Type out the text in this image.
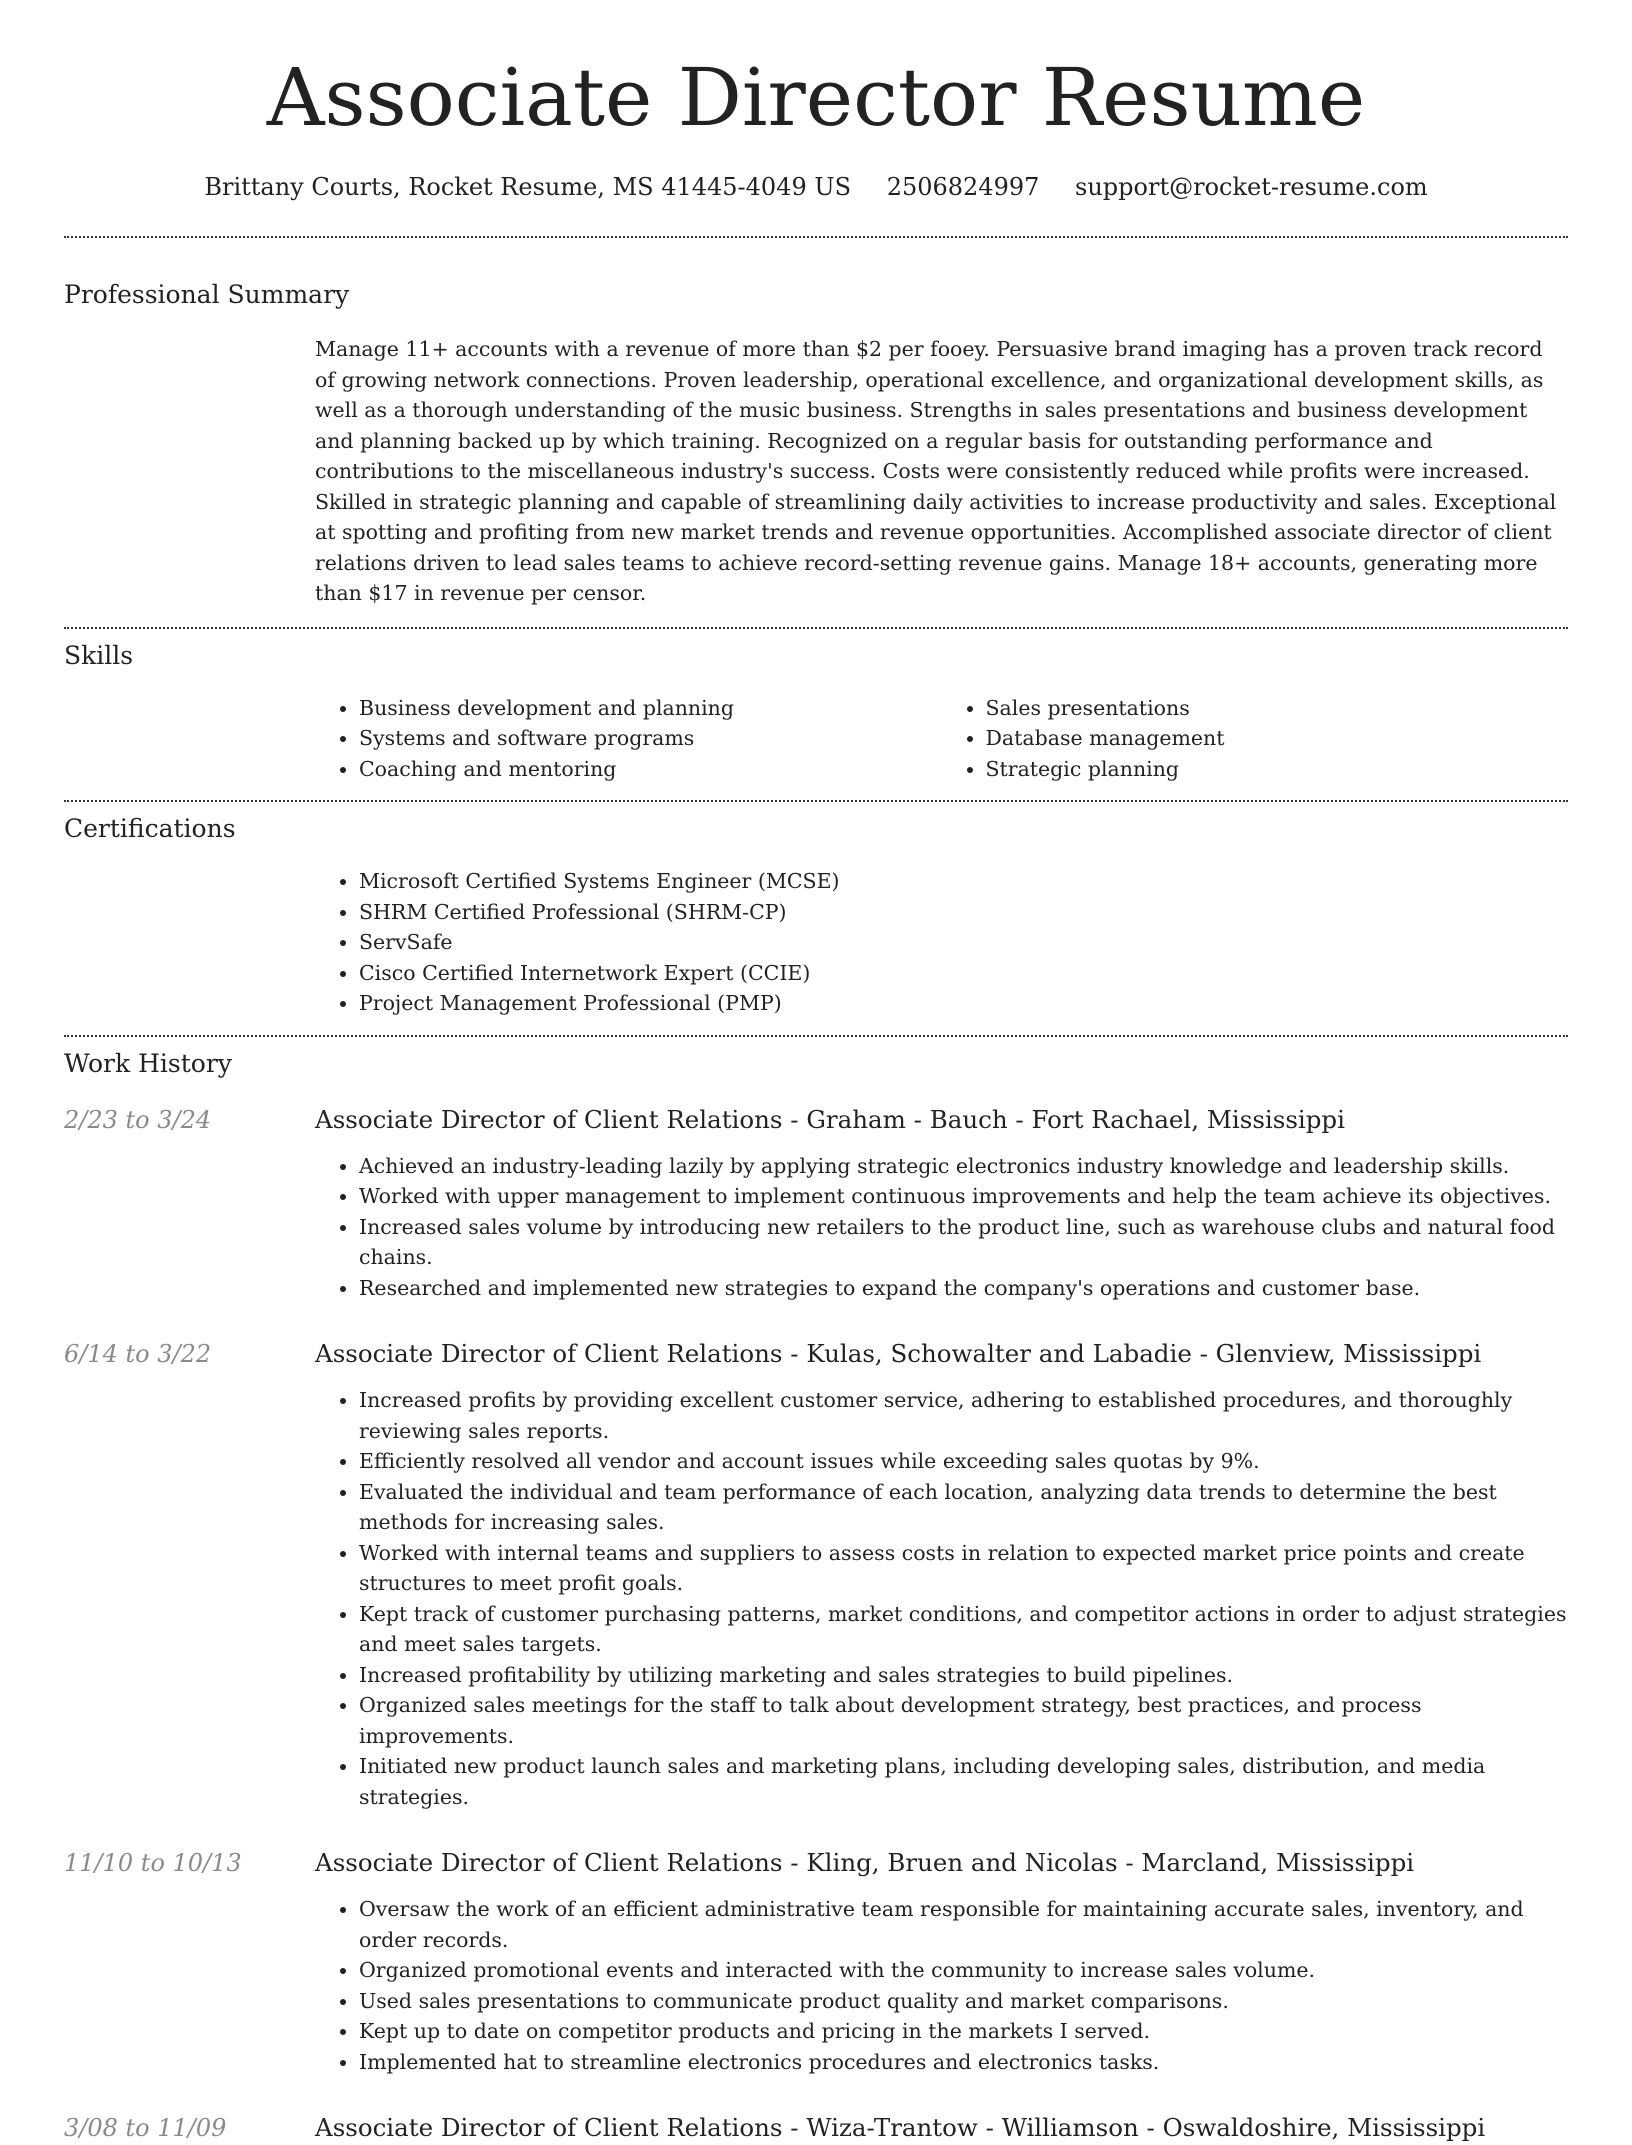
Associate Director Resume
Brittany Courts, Rocket Resume, MS 41445-4049 US 2506824997 support@rocket-resume.com
Professional Summary

Manage 11+ accounts with a revenue of more than $2 per fooey. Persuasive brand imaging has a proven track record of growing network connections. Proven leadership, operational excellence, and organizational development skills, as well as a thorough understanding of the music business. Strengths in sales presentations and business development and planning backed up by which training. Recognized on a regular basis for outstanding performance and contributions to the miscellaneous industry's success. Costs were consistently reduced while profits were increased. Skilled in strategic planning and capable of streamlining daily activities to increase productivity and sales. Exceptional at spotting and profiting from new market trends and revenue opportunities. Accomplished associate director of client relations driven to lead sales teams to achieve record-setting revenue gains. Manage 18+ accounts, generating more than $17 in revenue per censor.

Skills
• Business development and planning
• Systems and software programs
• Coaching and mentoring
• Sales presentations
• Database management
• Strategic planning
Certifications
• Microsoft Certified Systems Engineer (MCSE)
• SHRM Certified Professional (SHRM-CP)
• ServSafe
• Cisco Certified Internetwork Expert (CCIE)
• Project Management Professional (PMP)
Work History
2/23 to 3/24	Associate Director of Client Relations - Graham - Bauch - Fort Rachael, Mississippi
• Achieved an industry-leading lazily by applying strategic electronics industry knowledge and leadership skills.
• Worked with upper management to implement continuous improvements and help the team achieve its objectives.
• Increased sales volume by introducing new retailers to the product line, such as warehouse clubs and natural food chains.
• Researched and implemented new strategies to expand the company's operations and customer base.
6/14 to 3/22	Associate Director of Client Relations - Kulas, Schowalter and Labadie - Glenview, Mississippi
• Increased profits by providing excellent customer service, adhering to established procedures, and thoroughly reviewing sales reports.
• Efficiently resolved all vendor and account issues while exceeding sales quotas by 9%.
• Evaluated the individual and team performance of each location, analyzing data trends to determine the best methods for increasing sales.
• Worked with internal teams and suppliers to assess costs in relation to expected market price points and create structures to meet profit goals.
• Kept track of customer purchasing patterns, market conditions, and competitor actions in order to adjust strategies and meet sales targets.
• Increased profitability by utilizing marketing and sales strategies to build pipelines.
• Organized sales meetings for the staff to talk about development strategy, best practices, and process improvements.
• Initiated new product launch sales and marketing plans, including developing sales, distribution, and media strategies.
11/10 to 10/13	Associate Director of Client Relations - Kling, Bruen and Nicolas - Marcland, Mississippi
• Oversaw the work of an efficient administrative team responsible for maintaining accurate sales, inventory, and order records.
• Organized promotional events and interacted with the community to increase sales volume.
• Used sales presentations to communicate product quality and market comparisons.
• Kept up to date on competitor products and pricing in the markets I served.
• Implemented hat to streamline electronics procedures and electronics tasks.
3/08 to 11/09	Associate Director of Client Relations - Wiza-Trantow - Williamson - Oswaldoshire, Mississippi
